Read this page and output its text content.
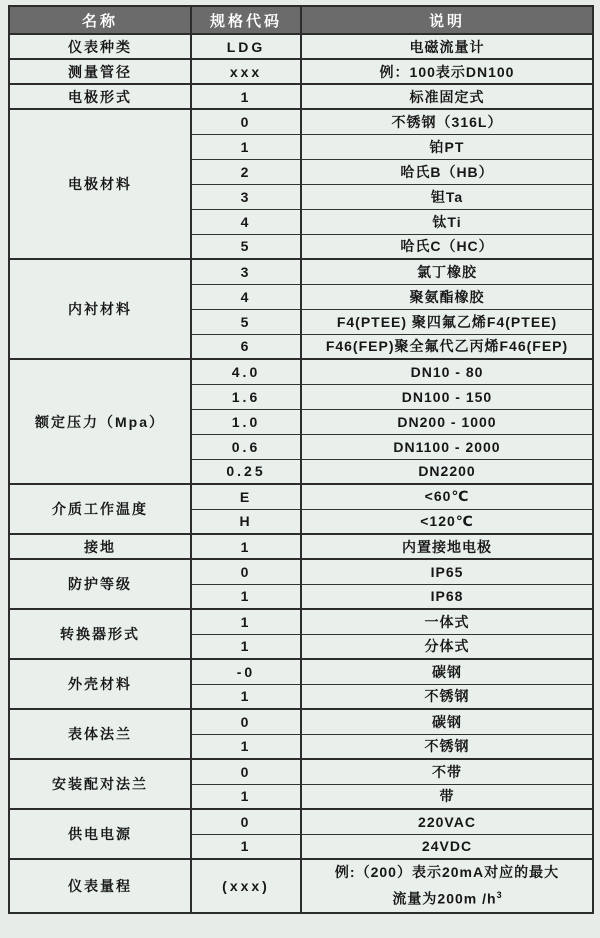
名称	规格代码	说明
仪表种类	LDG	电磁流量计
测量管径	xxx	例：100表示DN100
电极形式	1	标准固定式
电极材料	0	不锈钢（316L）
	1	铂PT
	2	哈氏B（HB）
	3	钽Ta
	4	钛Ti
	5	哈氏C（HC）
内衬材料	3	氯丁橡胶
	4	聚氨酯橡胶
	5	F4(PTEE) 聚四氟乙烯F4(PTEE)
	6	F46(FEP)聚全氟代乙丙烯F46(FEP)
额定压力（Mpa）	4.0	DN10 - 80
	1.6	DN100 - 150
	1.0	DN200 - 1000
	0.6	DN1100 - 2000
	0.25	DN2200
介质工作温度	E	<60℃
	H	<120℃
接地	1	内置接地电极
防护等级	0	IP65
	1	IP68
转换器形式	1	一体式
	1	分体式
外壳材料	-0	碳钢
	1	不锈钢
表体法兰	0	碳钢
	1	不锈钢
安装配对法兰	0	不带
	1	带
供电电源	0	220VAC
	1	24VDC
仪表量程	(xxx)	例:（200）表示20mA对应的最大
流量为200m $/h^3$
